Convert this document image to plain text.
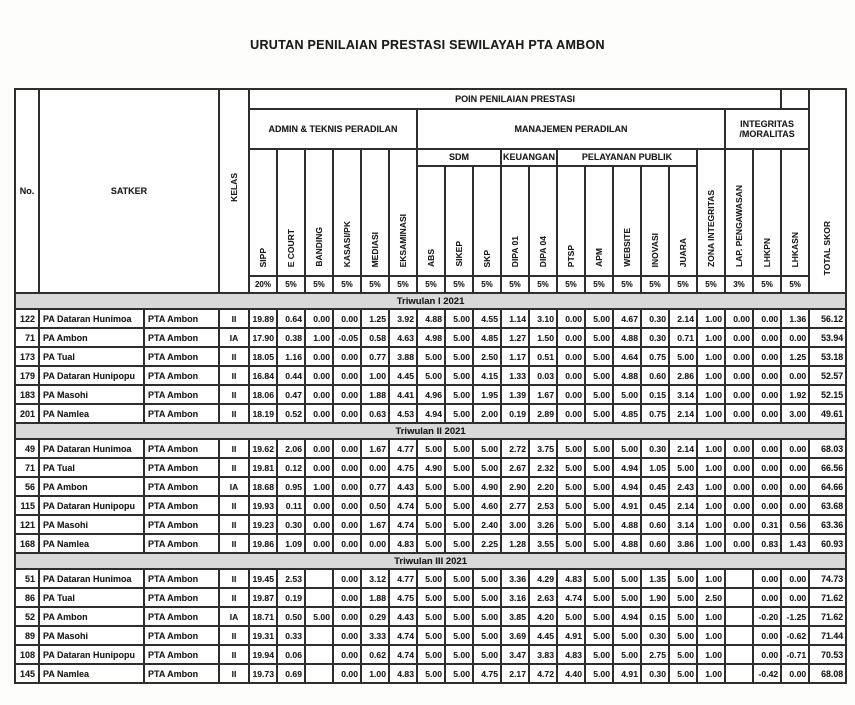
URUTAN PENILAIAN PRESTASI SEWILAYAH PTA AMBON
No.	SATKER		KELAS	POIN PENILAIAN PRESTASI																				TOTAL SKOR
				ADMIN & TEKNIS PERADILAN						MANAJEMEN PERADILAN											INTEGRITAS
/MORALITAS			

				SIPP	E COURT	BANDING	KASASI/PK	MEDIASI	EKSAMINASI	SDM			KEUANGAN		PELAYANAN PUBLIK					ZONA INTEGRITAS	LAP. PENGAWASAN	LHKPN	LHKASN	
										ABS	SIKEP	SKP	DIPA 01	DIPA 04	PTSP	APM	WEBSITE	INOVASI	JUARA					
				20%	5%	5%	5%	5%	5%	5%	5%	5%	5%	5%	5%	5%	5%	5%	5%	5%	3%	5%	5%	
Triwulan I 2021																								
122	PA Dataran Hunimoa	PTA Ambon	II	19.89	0.64	0.00	0.00	1.25	3.92	4.88	5.00	4.55	1.14	3.10	0.00	5.00	4.67	0.30	2.14	1.00	0.00	0.00	1.36	56.12
71	PA Ambon	PTA Ambon	IA	17.90	0.38	1.00	-0.05	0.58	4.63	4.98	5.00	4.85	1.27	1.50	0.00	5.00	4.88	0.30	0.71	1.00	0.00	0.00	0.00	53.94
173	PA Tual	PTA Ambon	II	18.05	1.16	0.00	0.00	0.77	3.88	5.00	5.00	2.50	1.17	0.51	0.00	5.00	4.64	0.75	5.00	1.00	0.00	0.00	1.25	53.18
179	PA Dataran Hunipopu	PTA Ambon	II	16.84	0.44	0.00	0.00	1.00	4.45	5.00	5.00	4.15	1.33	0.03	0.00	5.00	4.88	0.60	2.86	1.00	0.00	0.00	0.00	52.57
183	PA Masohi	PTA Ambon	II	18.06	0.47	0.00	0.00	1.88	4.41	4.96	5.00	1.95	1.39	1.67	0.00	5.00	5.00	0.15	3.14	1.00	0.00	0.00	1.92	52.15
201	PA Namlea	PTA Ambon	II	18.19	0.52	0.00	0.00	0.63	4.53	4.94	5.00	2.00	0.19	2.89	0.00	5.00	4.85	0.75	2.14	1.00	0.00	0.00	3.00	49.61
Triwulan II 2021																								
49	PA Dataran Hunimoa	PTA Ambon	II	19.62	2.06	0.00	0.00	1.67	4.77	5.00	5.00	5.00	2.72	3.75	5.00	5.00	5.00	0.30	2.14	1.00	0.00	0.00	0.00	68.03
71	PA Tual	PTA Ambon	II	19.81	0.12	0.00	0.00	0.00	4.75	4.90	5.00	5.00	2.67	2.32	5.00	5.00	4.94	1.05	5.00	1.00	0.00	0.00	0.00	66.56
56	PA Ambon	PTA Ambon	IA	18.68	0.95	1.00	0.00	0.77	4.43	5.00	5.00	4.90	2.90	2.20	5.00	5.00	4.94	0.45	2.43	1.00	0.00	0.00	0.00	64.66
115	PA Dataran Hunipopu	PTA Ambon	II	19.93	0.11	0.00	0.00	0.50	4.74	5.00	5.00	4.60	2.77	2.53	5.00	5.00	4.91	0.45	2.14	1.00	0.00	0.00	0.00	63.68
121	PA Masohi	PTA Ambon	II	19.23	0.30	0.00	0.00	1.67	4.74	5.00	5.00	2.40	3.00	3.26	5.00	5.00	4.88	0.60	3.14	1.00	0.00	0.31	0.56	63.36
168	PA Namlea	PTA Ambon	II	19.86	1.09	0.00	0.00	0.00	4.83	5.00	5.00	2.25	1.28	3.55	5.00	5.00	4.88	0.60	3.86	1.00	0.00	0.83	1.43	60.93
Triwulan III 2021																								
51	PA Dataran Hunimoa	PTA Ambon	II	19.45	2.53		0.00	3.12	4.77	5.00	5.00	5.00	3.36	4.29	4.83	5.00	5.00	1.35	5.00	1.00		0.00	0.00	74.73
86	PA Tual	PTA Ambon	II	19.87	0.19		0.00	1.88	4.75	5.00	5.00	5.00	3.16	2.63	4.74	5.00	5.00	1.90	5.00	2.50		0.00	0.00	71.62
52	PA Ambon	PTA Ambon	IA	18.71	0.50	5.00	0.00	0.29	4.43	5.00	5.00	5.00	3.85	4.20	5.00	5.00	4.94	0.15	5.00	1.00		-0.20	-1.25	71.62
89	PA Masohi	PTA Ambon	II	19.31	0.33		0.00	3.33	4.74	5.00	5.00	5.00	3.69	4.45	4.91	5.00	5.00	0.30	5.00	1.00		0.00	-0.62	71.44
108	PA Dataran Hunipopu	PTA Ambon	II	19.94	0.06		0.00	0.62	4.74	5.00	5.00	5.00	3.47	3.83	4.83	5.00	5.00	2.75	5.00	1.00		0.00	-0.71	70.53
145	PA Namlea	PTA Ambon	II	19.73	0.69		0.00	1.00	4.83	5.00	5.00	4.75	2.17	4.72	4.40	5.00	4.91	0.30	5.00	1.00		-0.42	0.00	68.08
